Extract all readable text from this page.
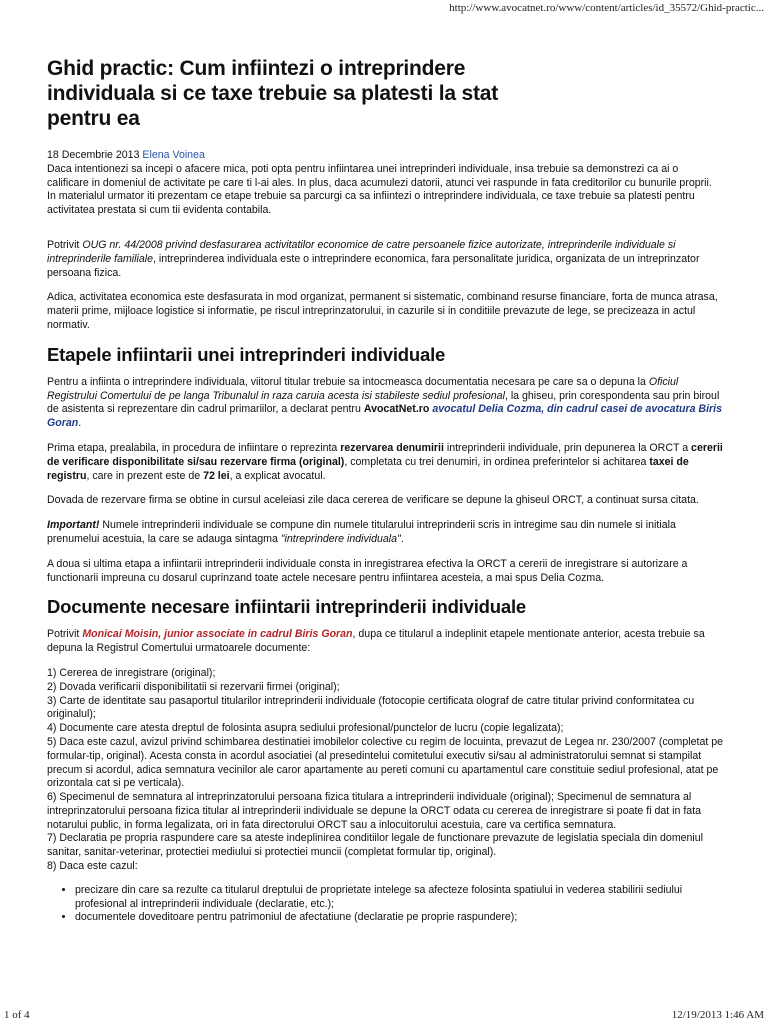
http://www.avocatnet.ro/www/content/articles/id_35572/Ghid-practic...
Ghid practic: Cum infiintezi o intreprindere individuala si ce taxe trebuie sa platesti la stat pentru ea
18 Decembrie 2013 Elena Voinea

Daca intentionezi sa incepi o afacere mica, poti opta pentru infiintarea unei intreprinderi individuale, insa trebuie sa demonstrezi ca ai o calificare in domeniul de activitate pe care ti l-ai ales. In plus, daca acumulezi datorii, atunci vei raspunde in fata creditorilor cu bunurile proprii. In materialul urmator iti prezentam ce etape trebuie sa parcurgi ca sa infiintezi o intreprindere individuala, ce taxe trebuie sa platesti pentru activitatea prestata si cum tii evidenta contabila.

Potrivit OUG nr. 44/2008 privind desfasurarea activitatilor economice de catre persoanele fizice autorizate, intreprinderile individuale si intreprinderile familiale, intreprinderea individuala este o intreprindere economica, fara personalitate juridica, organizata de un intreprinzator persoana fizica.

Adica, activitatea economica este desfasurata in mod organizat, permanent si sistematic, combinand resurse financiare, forta de munca atrasa, materii prime, mijloace logistice si informatie, pe riscul intreprinzatorului, in cazurile si in conditiile prevazute de lege, se precizeaza in actul normativ.

Etapele infiintarii unei intreprinderi individuale

Pentru a infiinta o intreprindere individuala, viitorul titular trebuie sa intocmeasca documentatia necesara pe care sa o depuna la Oficiul Registrului Comertului de pe langa Tribunalul in raza caruia acesta isi stabileste sediul profesional, la ghiseu, prin corespondenta sau prin biroul de asistenta si reprezentare din cadrul primariilor, a declarat pentru AvocatNet.ro avocatul Delia Cozma, din cadrul casei de avocatura Biris Goran.

Prima etapa, prealabila, in procedura de infiintare o reprezinta rezervarea denumirii intreprinderii individuale, prin depunerea la ORCT a cererii de verificare disponibilitate si/sau rezervare firma (original), completata cu trei denumiri, in ordinea preferintelor si achitarea taxei de registru, care in prezent este de 72 lei, a explicat avocatul.

Dovada de rezervare firma se obtine in cursul aceleiasi zile daca cererea de verificare se depune la ghiseul ORCT, a continuat sursa citata.

Important! Numele intreprinderii individuale se compune din numele titularului intreprinderii scris in intregime sau din numele si initiala prenumelui acestuia, la care se adauga sintagma "intreprindere individuala".

A doua si ultima etapa a infiintarii intreprinderii individuale consta in inregistrarea efectiva la ORCT a cererii de inregistrare si autorizare a functionarii impreuna cu dosarul cuprinzand toate actele necesare pentru infiintarea acesteia, a mai spus Delia Cozma.

Documente necesare infiintarii intreprinderii individuale

Potrivit Monicai Moisin, junior associate in cadrul Biris Goran, dupa ce titularul a indeplinit etapele mentionate anterior, acesta trebuie sa depuna la Registrul Comertului urmatoarele documente:

1) Cererea de inregistrare (original);
2) Dovada verificarii disponibilitatii si rezervarii firmei (original);
3) Carte de identitate sau pasaportul titularilor intreprinderii individuale (fotocopie certificata olograf de catre titular privind conformitatea cu originalul);
4) Documente care atesta dreptul de folosinta asupra sediului profesional/punctelor de lucru (copie legalizata);
5) Daca este cazul, avizul privind schimbarea destinatiei imobilelor colective cu regim de locuinta, prevazut de Legea nr. 230/2007 (completat pe formular-tip, original). Acesta consta in acordul asociatiei (al presedintelui comitetului executiv si/sau al administratorului semnat si stampilat precum si acordul, adica semnatura vecinilor ale caror apartamente au pereti comuni cu apartamentul care constituie sediul profesional, atat pe orizontala cat si pe verticala).
6) Specimenul de semnatura al intreprinzatorului persoana fizica titulara a intreprinderii individuale (original); Specimenul de semnatura al intreprinzatorului persoana fizica titular al intreprinderii individuale se depune la ORCT odata cu cererea de inregistrare si poate fi dat in fata notarului public, in forma legalizata, ori in fata directorului ORCT sau a inlocuitorului acestuia, care va certifica semnatura.
7) Declaratia pe propria raspundere care sa ateste indeplinirea conditiilor legale de functionare prevazute de legislatia speciala din domeniul sanitar, sanitar-veterinar, protectiei mediului si protectiei muncii (completat formular tip, original).
8) Daca este cazul:
• precizare din care sa rezulte ca titularul dreptului de proprietate intelege sa afecteze folosinta spatiului in vederea stabilirii sediului profesional al intreprinderii individuale (declaratie, etc.);
• documentele doveditoare pentru patrimoniul de afectatiune (declaratie pe proprie raspundere);
1 of 4	12/19/2013 1:46 AM
